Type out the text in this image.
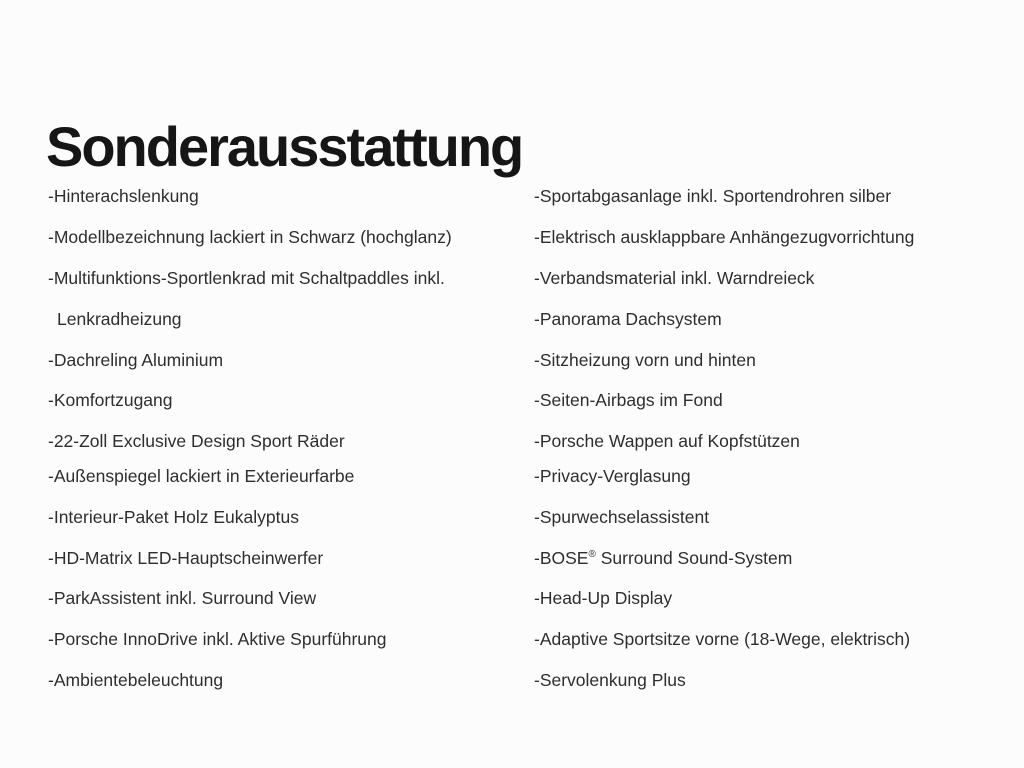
Sonderausstattung
-Hinterachslenkung
-Modellbezeichnung lackiert in Schwarz (hochglanz)
-Multifunktions-Sportlenkrad mit Schaltpaddles inkl.
Lenkradheizung
-Dachreling Aluminium
-Komfortzugang
-22-Zoll Exclusive Design Sport Räder
-Außenspiegel lackiert in Exterieurfarbe
-Interieur-Paket Holz Eukalyptus
-HD-Matrix LED-Hauptscheinwerfer
-ParkAssistent inkl. Surround View
-Porsche InnoDrive inkl. Aktive Spurführung
-Ambientebeleuchtung
-Sportabgasanlage inkl. Sportendrohren silber
-Elektrisch ausklappbare Anhängezugvorrichtung
-Verbandsmaterial inkl. Warndreieck
-Panorama Dachsystem
-Sitzheizung vorn und hinten
-Seiten-Airbags im Fond
-Porsche Wappen auf Kopfstützen
-Privacy-Verglasung
-Spurwechselassistent
-BOSE® Surround Sound-System
-Head-Up Display
-Adaptive Sportsitze vorne (18-Wege, elektrisch)
-Servolenkung Plus
